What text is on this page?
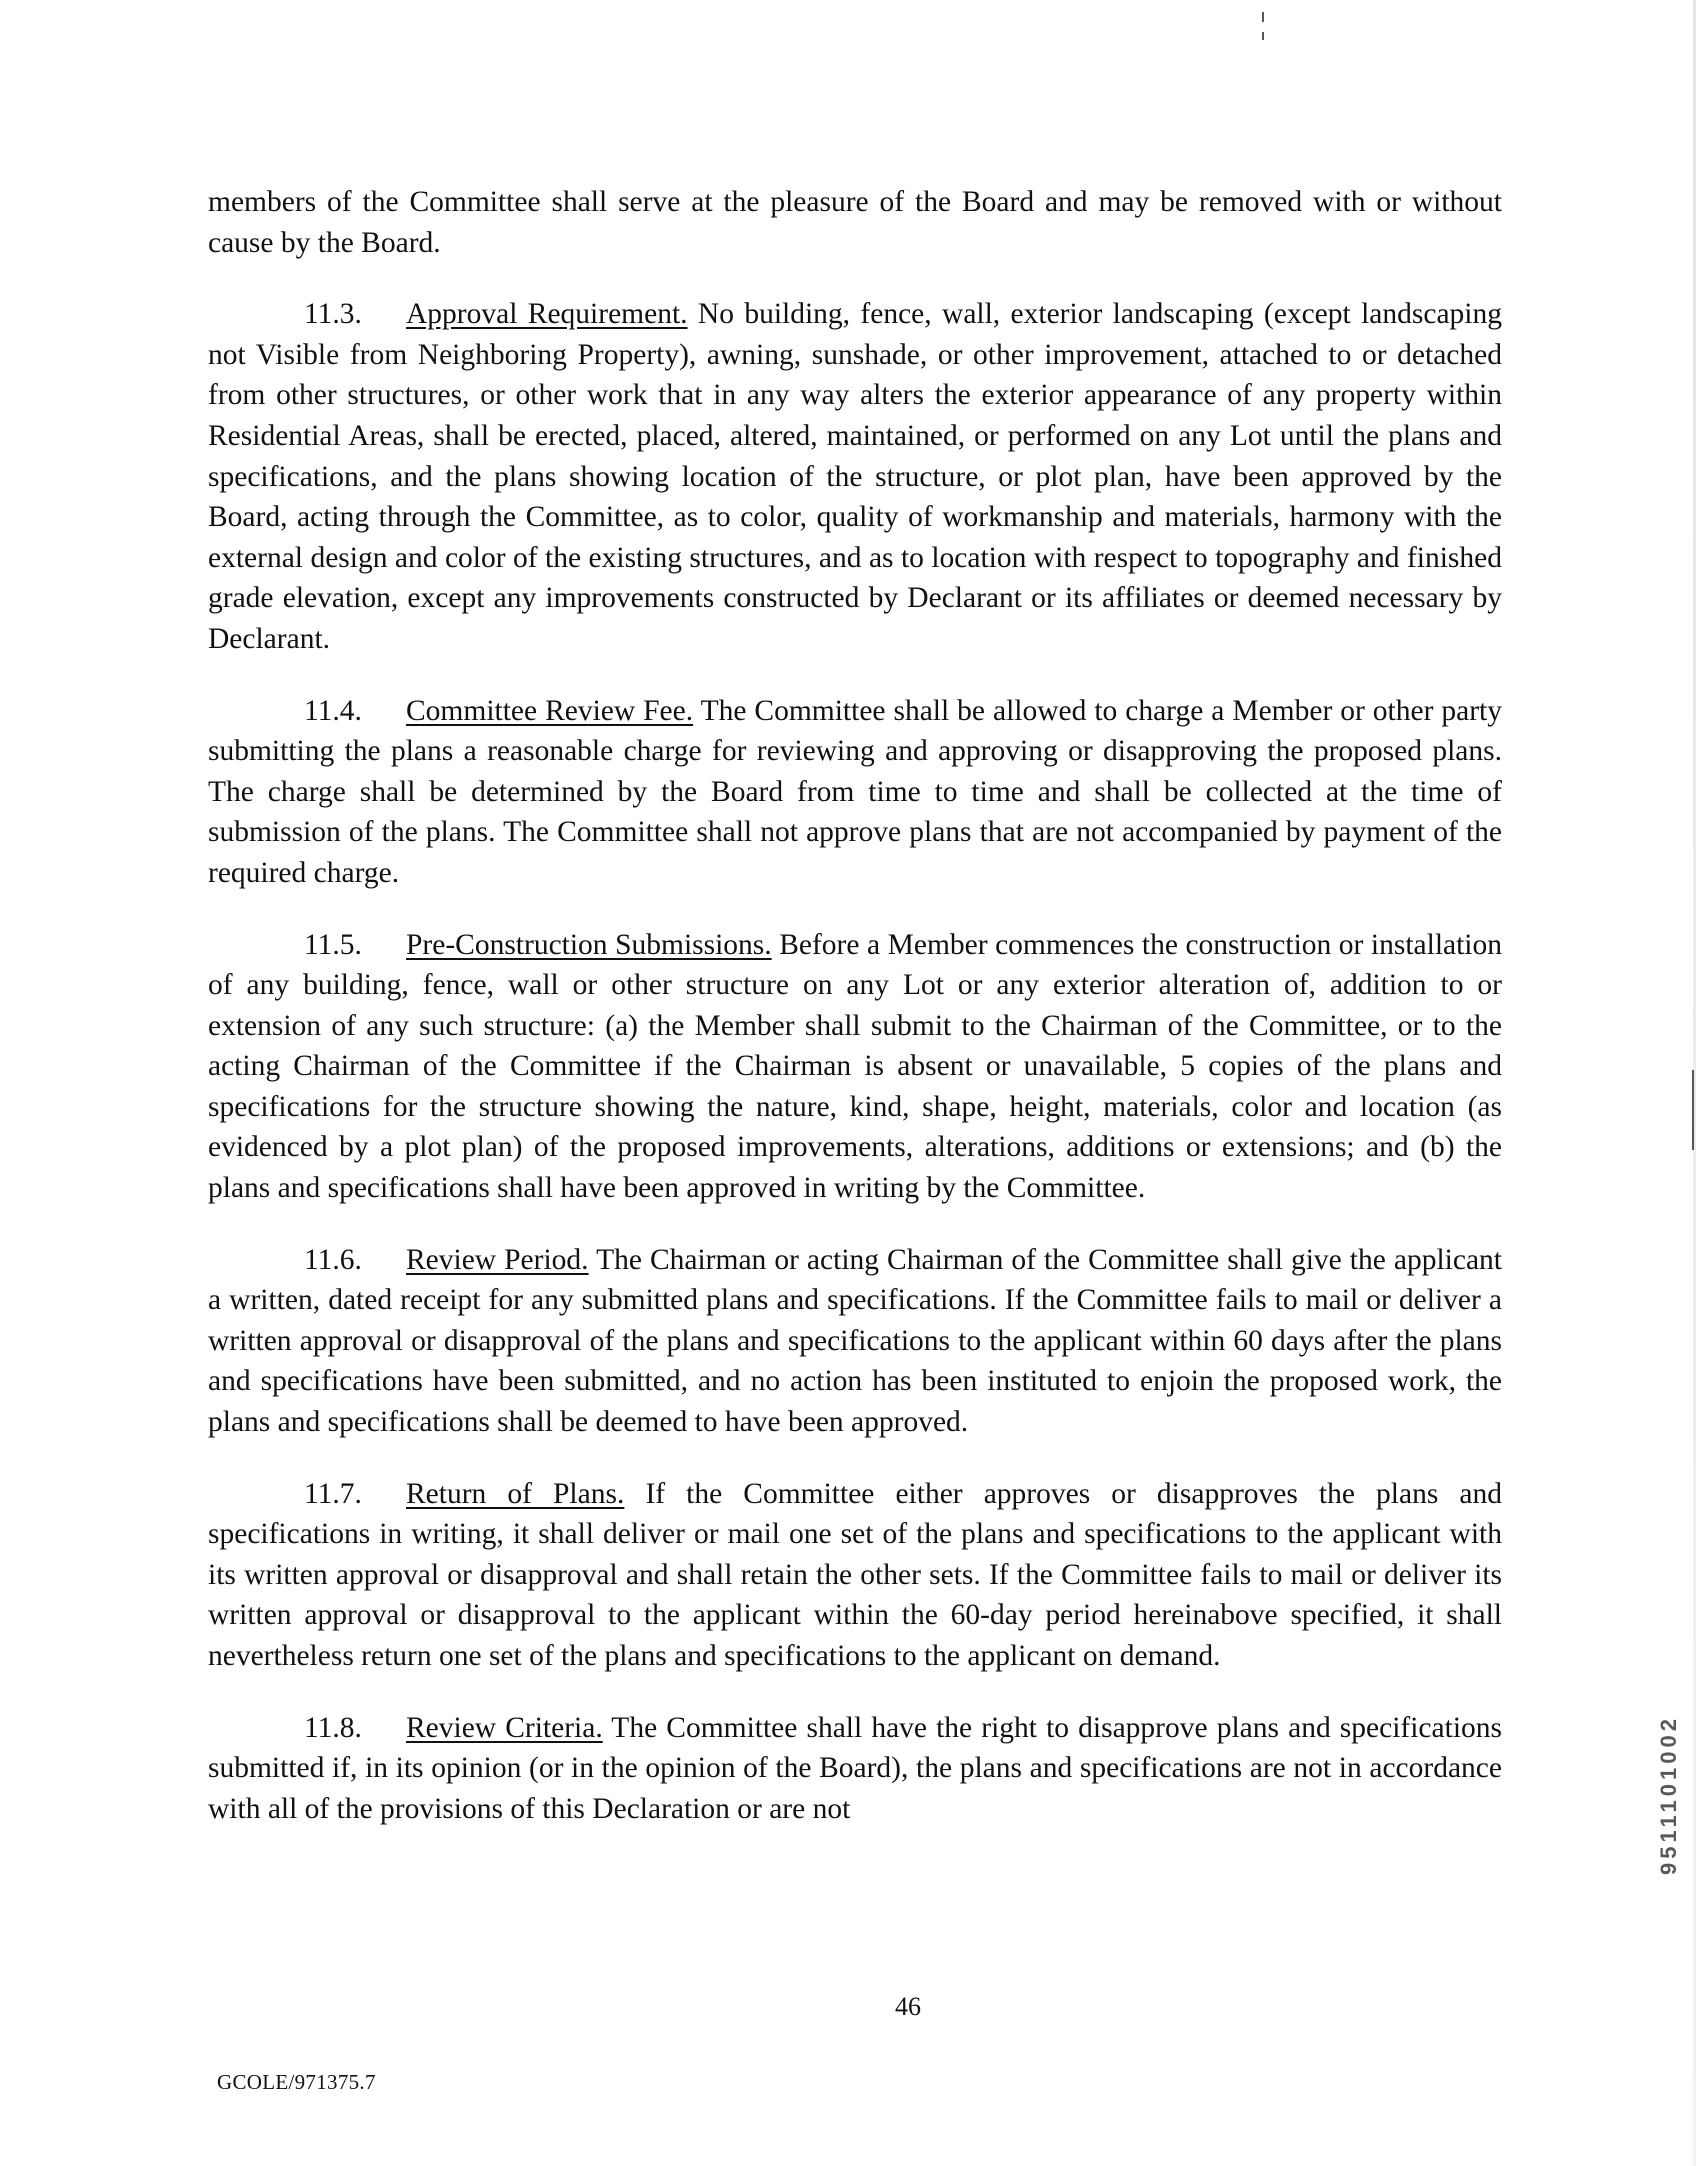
members of the Committee shall serve at the pleasure of the Board and may be removed with or without cause by the Board.

11.3. Approval Requirement. No building, fence, wall, exterior landscaping (except landscaping not Visible from Neighboring Property), awning, sunshade, or other improvement, attached to or detached from other structures, or other work that in any way alters the exterior appearance of any property within Residential Areas, shall be erected, placed, altered, maintained, or performed on any Lot until the plans and specifications, and the plans showing location of the structure, or plot plan, have been approved by the Board, acting through the Committee, as to color, quality of workmanship and materials, harmony with the external design and color of the existing structures, and as to location with respect to topography and finished grade elevation, except any improvements constructed by Declarant or its affiliates or deemed necessary by Declarant.

11.4. Committee Review Fee. The Committee shall be allowed to charge a Member or other party submitting the plans a reasonable charge for reviewing and approving or disapproving the proposed plans. The charge shall be determined by the Board from time to time and shall be collected at the time of submission of the plans. The Committee shall not approve plans that are not accompanied by payment of the required charge.

11.5. Pre-Construction Submissions. Before a Member commences the construction or installation of any building, fence, wall or other structure on any Lot or any exterior alteration of, addition to or extension of any such structure: (a) the Member shall submit to the Chairman of the Committee, or to the acting Chairman of the Committee if the Chairman is absent or unavailable, 5 copies of the plans and specifications for the structure showing the nature, kind, shape, height, materials, color and location (as evidenced by a plot plan) of the proposed improvements, alterations, additions or extensions; and (b) the plans and specifications shall have been approved in writing by the Committee.

11.6. Review Period. The Chairman or acting Chairman of the Committee shall give the applicant a written, dated receipt for any submitted plans and specifications. If the Committee fails to mail or deliver a written approval or disapproval of the plans and specifications to the applicant within 60 days after the plans and specifications have been submitted, and no action has been instituted to enjoin the proposed work, the plans and specifications shall be deemed to have been approved.

11.7. Return of Plans. If the Committee either approves or disapproves the plans and specifications in writing, it shall deliver or mail one set of the plans and specifications to the applicant with its written approval or disapproval and shall retain the other sets. If the Committee fails to mail or deliver its written approval or disapproval to the applicant within the 60-day period hereinabove specified, it shall nevertheless return one set of the plans and specifications to the applicant on demand.

11.8. Review Criteria. The Committee shall have the right to disapprove plans and specifications submitted if, in its opinion (or in the opinion of the Board), the plans and specifications are not in accordance with all of the provisions of this Declaration or are not

46
GCOLE/971375.7
9511101002
